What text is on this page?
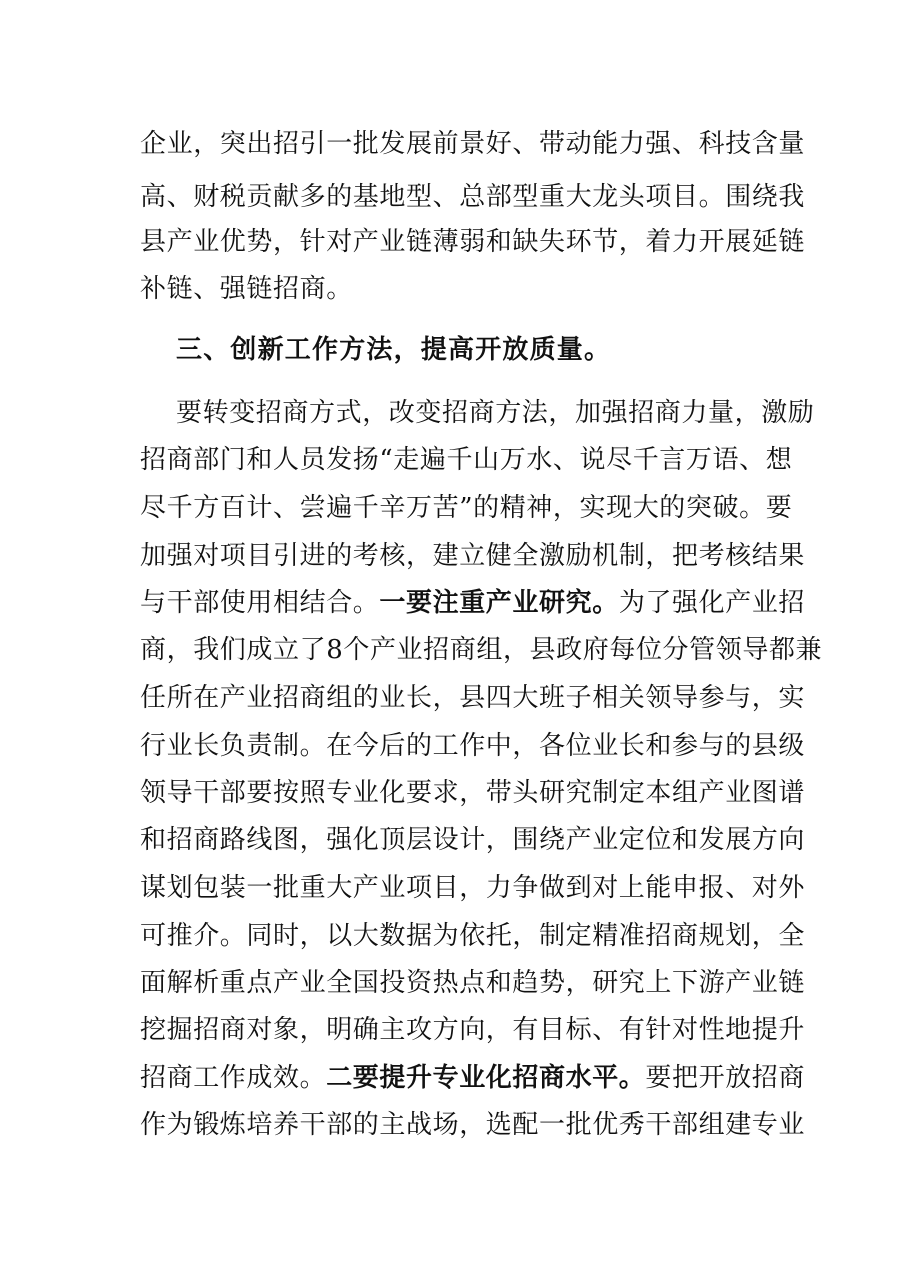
企业，突出招引一批发展前景好、带动能力强、科技含量
高、财税贡献多的基地型、总部型重大龙头项目。围绕我
县产业优势，针对产业链薄弱和缺失环节，着力开展延链
补链、强链招商。
三、创新工作方法，提高开放质量。
要转变招商方式，改变招商方法，加强招商力量，激励
招商部门和人员发扬“走遍千山万水、说尽千言万语、想
尽千方百计、尝遍千辛万苦”的精神，实现大的突破。要
加强对项目引进的考核，建立健全激励机制，把考核结果
与干部使用相结合。一要注重产业研究。为了强化产业招
商，我们成立了8个产业招商组，县政府每位分管领导都兼
任所在产业招商组的业长，县四大班子相关领导参与，实
行业长负责制。在今后的工作中，各位业长和参与的县级
领导干部要按照专业化要求，带头研究制定本组产业图谱
和招商路线图，强化顶层设计，围绕产业定位和发展方向
谋划包装一批重大产业项目，力争做到对上能申报、对外
可推介。同时，以大数据为依托，制定精准招商规划，全
面解析重点产业全国投资热点和趋势，研究上下游产业链
挖掘招商对象，明确主攻方向，有目标、有针对性地提升
招商工作成效。二要提升专业化招商水平。要把开放招商
作为锻炼培养干部的主战场，选配一批优秀干部组建专业
